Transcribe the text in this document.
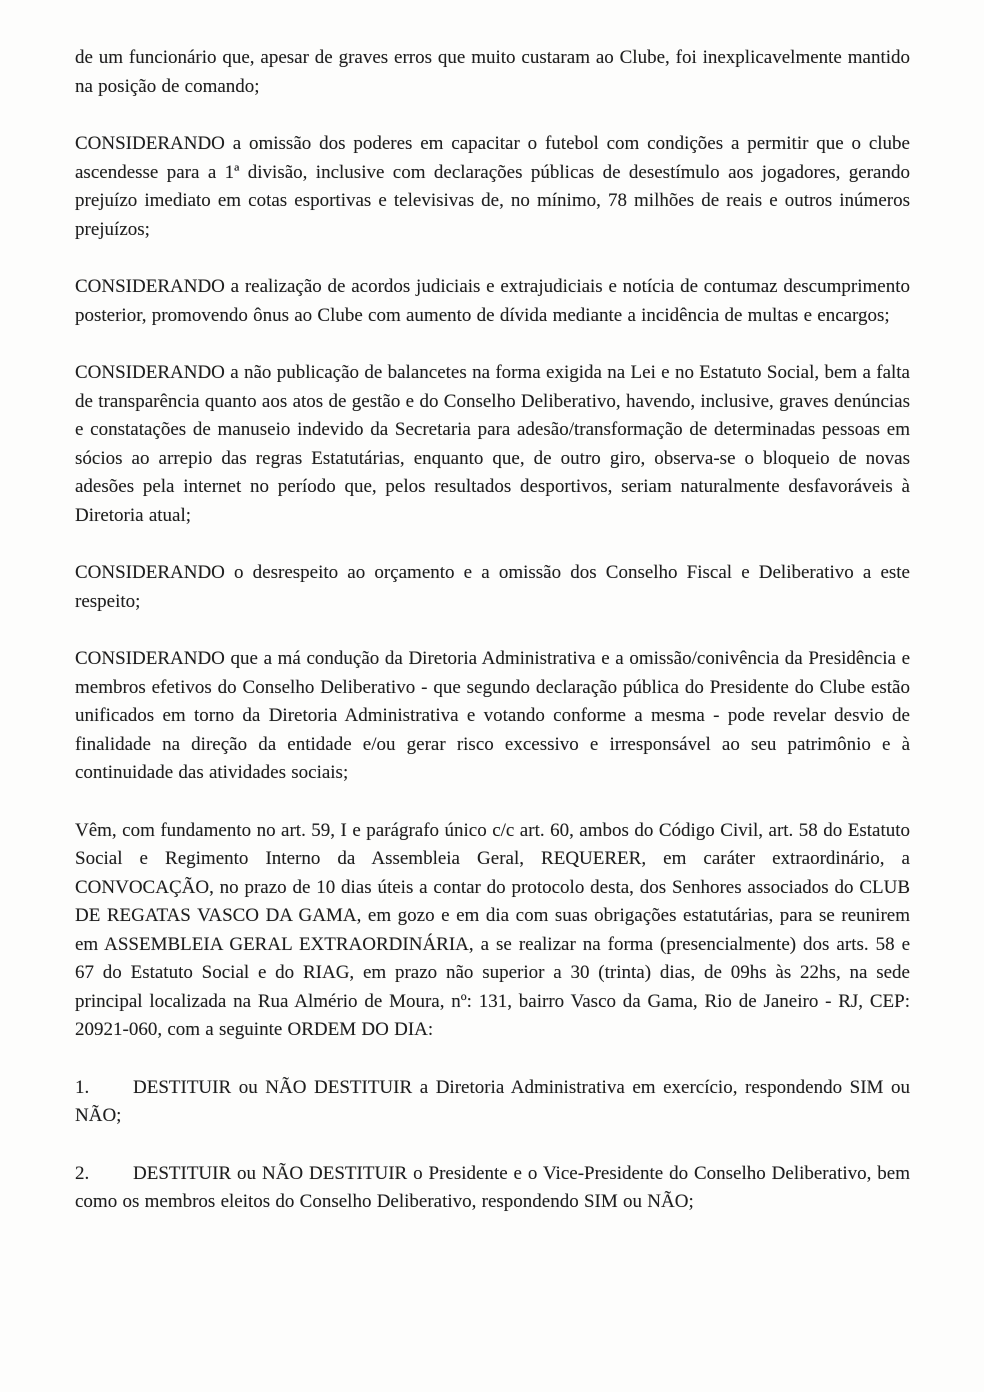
de um funcionário que, apesar de graves erros que muito custaram ao Clube, foi inexplicavelmente mantido na posição de comando;

CONSIDERANDO a omissão dos poderes em capacitar o futebol com condições a permitir que o clube ascendesse para a 1ª divisão, inclusive com declarações públicas de desestímulo aos jogadores, gerando prejuízo imediato em cotas esportivas e televisivas de, no mínimo, 78 milhões de reais e outros inúmeros prejuízos;

CONSIDERANDO a realização de acordos judiciais e extrajudiciais e notícia de contumaz descumprimento posterior, promovendo ônus ao Clube com aumento de dívida mediante a incidência de multas e encargos;

CONSIDERANDO a não publicação de balancetes na forma exigida na Lei e no Estatuto Social, bem a falta de transparência quanto aos atos de gestão e do Conselho Deliberativo, havendo, inclusive, graves denúncias e constatações de manuseio indevido da Secretaria para adesão/transformação de determinadas pessoas em sócios ao arrepio das regras Estatutárias, enquanto que, de outro giro, observa-se o bloqueio de novas adesões pela internet no período que, pelos resultados desportivos, seriam naturalmente desfavoráveis à Diretoria atual;

CONSIDERANDO o desrespeito ao orçamento e a omissão dos Conselho Fiscal e Deliberativo a este respeito;

CONSIDERANDO que a má condução da Diretoria Administrativa e a omissão/conivência da Presidência e membros efetivos do Conselho Deliberativo - que segundo declaração pública do Presidente do Clube estão unificados em torno da Diretoria Administrativa e votando conforme a mesma - pode revelar desvio de finalidade na direção da entidade e/ou gerar risco excessivo e irresponsável ao seu patrimônio e à continuidade das atividades sociais;

Vêm, com fundamento no art. 59, I e parágrafo único c/c art. 60, ambos do Código Civil, art. 58 do Estatuto Social e Regimento Interno da Assembleia Geral, REQUERER, em caráter extraordinário, a CONVOCAÇÃO, no prazo de 10 dias úteis a contar do protocolo desta, dos Senhores associados do CLUB DE REGATAS VASCO DA GAMA, em gozo e em dia com suas obrigações estatutárias, para se reunirem em ASSEMBLEIA GERAL EXTRAORDINÁRIA, a se realizar na forma (presencialmente) dos arts. 58 e 67 do Estatuto Social e do RIAG, em prazo não superior a 30 (trinta) dias, de 09hs às 22hs, na sede principal localizada na Rua Almério de Moura, nº: 131, bairro Vasco da Gama, Rio de Janeiro - RJ, CEP: 20921-060, com a seguinte ORDEM DO DIA:

1. DESTITUIR ou NÃO DESTITUIR a Diretoria Administrativa em exercício, respondendo SIM ou NÃO;

2. DESTITUIR ou NÃO DESTITUIR o Presidente e o Vice-Presidente do Conselho Deliberativo, bem como os membros eleitos do Conselho Deliberativo, respondendo SIM ou NÃO;
